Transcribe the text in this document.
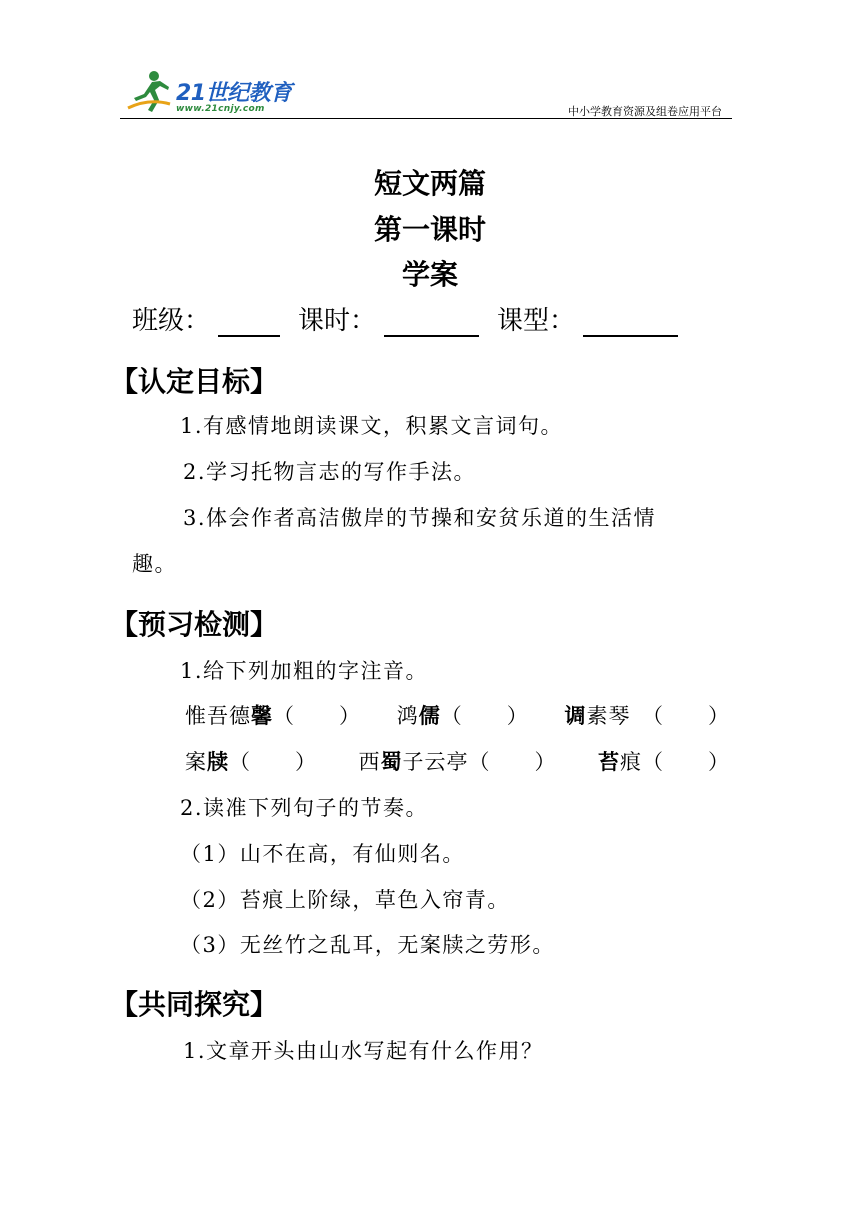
21世纪教育
www.21cnjy.com	中小学教育资源及组卷应用平台
短文两篇
第一课时
学案
班级：	课时：	课型：
【认定目标】
1.有感情地朗读课文，积累文言词句。
2.学习托物言志的写作手法。
3.体会作者高洁傲岸的节操和安贫乐道的生活情
趣。
【预习检测】
1.给下列加粗的字注音。
惟吾德馨（　　） 鸿儒（　　） 调素琴　（　　）
案牍（　　） 西蜀子云亭（　　） 苔痕（　　）
2.读准下列句子的节奏。
（1）山不在高，有仙则名。
（2）苔痕上阶绿，草色入帘青。
（3）无丝竹之乱耳，无案牍之劳形。
【共同探究】
1.文章开头由山水写起有什么作用？
